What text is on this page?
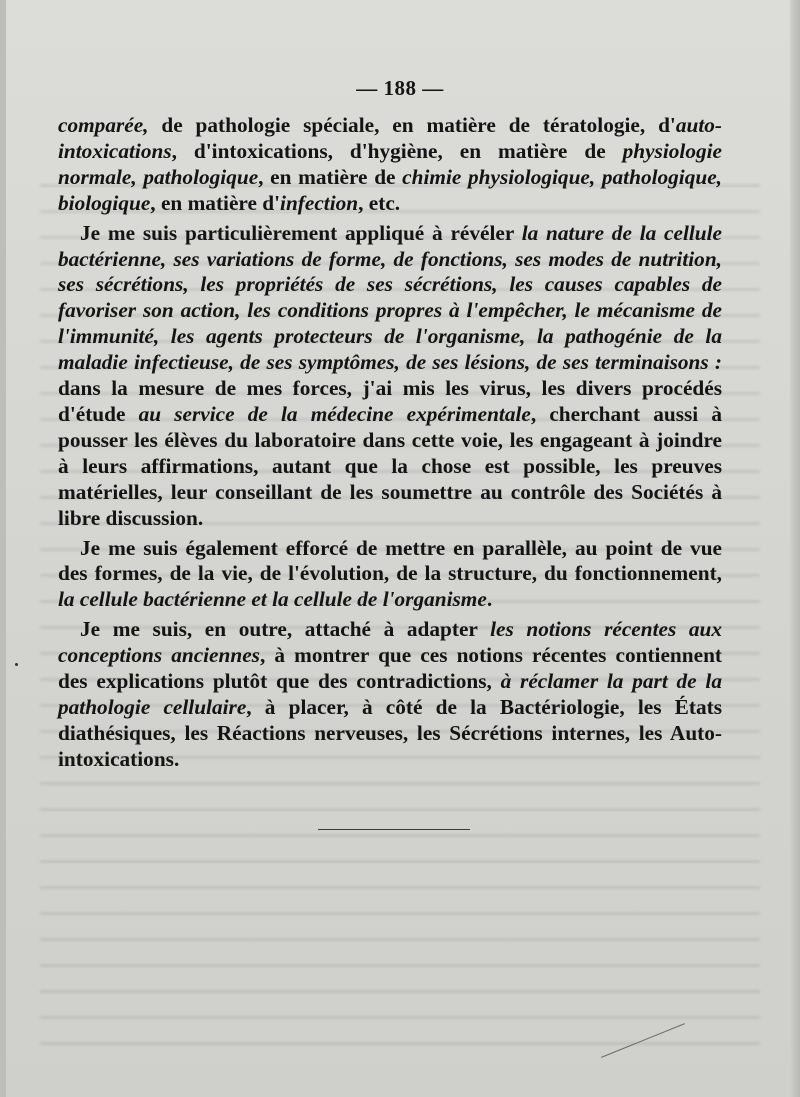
— 188 —

comparée, de pathologie spéciale, en matière de tératologie, d'auto-intoxications, d'intoxications, d'hygiène, en matière de physiologie normale, pathologique, en matière de chimie physiologique, pathologique, biologique, en matière d'infection, etc.

Je me suis particulièrement appliqué à révéler la nature de la cellule bactérienne, ses variations de forme, de fonctions, ses modes de nutrition, ses sécrétions, les propriétés de ses sécrétions, les causes capables de favoriser son action, les conditions propres à l'empêcher, le mécanisme de l'immunité, les agents protecteurs de l'organisme, la pathogénie de la maladie infectieuse, de ses symptômes, de ses lésions, de ses terminaisons : dans la mesure de mes forces, j'ai mis les virus, les divers procédés d'étude au service de la médecine expérimentale, cherchant aussi à pousser les élèves du laboratoire dans cette voie, les engageant à joindre à leurs affirmations, autant que la chose est possible, les preuves matérielles, leur conseillant de les soumettre au contrôle des Sociétés à libre discussion.

Je me suis également efforcé de mettre en parallèle, au point de vue des formes, de la vie, de l'évolution, de la structure, du fonctionnement, la cellule bactérienne et la cellule de l'organisme.

Je me suis, en outre, attaché à adapter les notions récentes aux conceptions anciennes, à montrer que ces notions récentes contiennent des explications plutôt que des contradictions, à réclamer la part de la pathologie cellulaire, à placer, à côté de la Bactériologie, les États diathésiques, les Réactions nerveuses, les Sécrétions internes, les Auto-intoxications.
